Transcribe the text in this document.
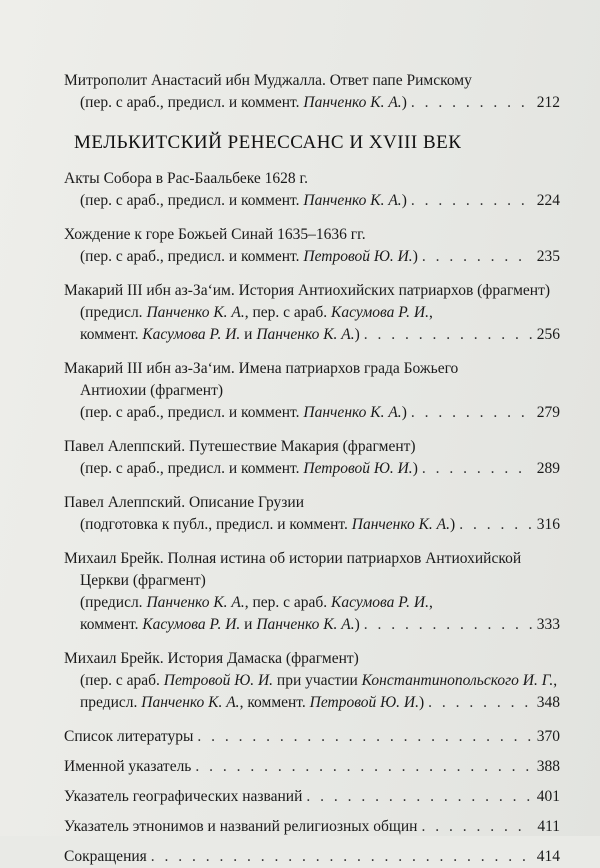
Митрополит Анастасий ибн Муджалла. Ответ папе Римскому
(пер. с араб., предисл. и коммент. Панченко К. А.) . . .	212
МЕЛЬКИТСКИЙ РЕНЕССАНС И XVIII ВЕК
Акты Собора в Рас-Баальбеке 1628 г.
(пер. с араб., предисл. и коммент. Панченко К. А.) . . .	224
Хождение к горе Божьей Синай 1635–1636 гг.
(пер. с араб., предисл. и коммент. Петровой Ю. И.) . . .	235
Макарий III ибн аз-За‘им. История Антиохийских патриархов (фрагмент)
(предисл. Панченко К. А., пер. с араб. Касумова Р. И.,
коммент. Касумова Р. И. и Панченко К. А.) . . .	256
Макарий III ибн аз-За‘им. Имена патриархов града Божьего
Антиохии (фрагмент)
(пер. с араб., предисл. и коммент. Панченко К. А.) . . .	279
Павел Алеппский. Путешествие Макария (фрагмент)
(пер. с араб., предисл. и коммент. Петровой Ю. И.) . . .	289
Павел Алеппский. Описание Грузии
(подготовка к публ., предисл. и коммент. Панченко К. А.) . . .	316
Михаил Брейк. Полная истина об истории патриархов Антиохийской
Церкви (фрагмент)
(предисл. Панченко К. А., пер. с араб. Касумова Р. И.,
коммент. Касумова Р. И. и Панченко К. А.) . . .	333
Михаил Брейк. История Дамаска (фрагмент)
(пер. с араб. Петровой Ю. И. при участии Константинопольского И. Г.,
предисл. Панченко К. А., коммент. Петровой Ю. И.) . . .	348
Список литературы . . .	370
Именной указатель . . .	388
Указатель географических названий . . .	401
Указатель этнонимов и названий религиозных общин . . .	411
Сокращения . . .	414
